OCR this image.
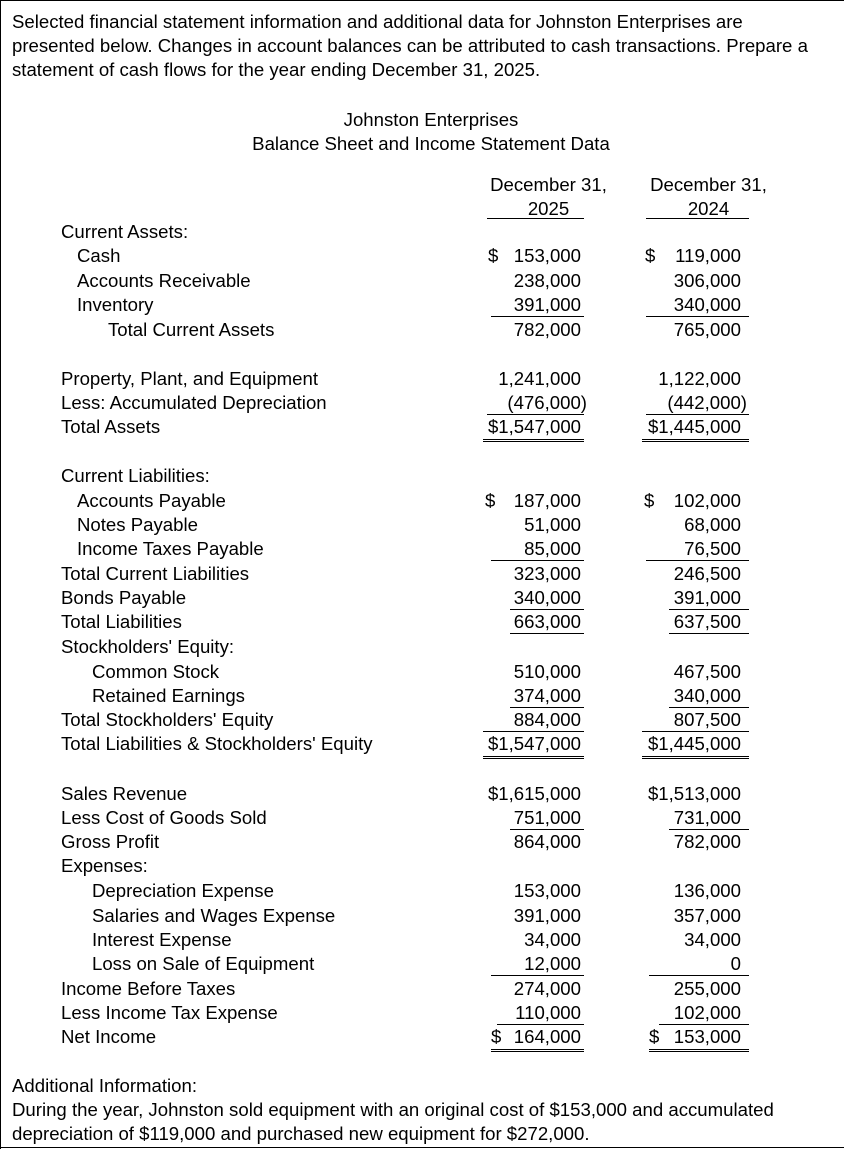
Selected financial statement information and additional data for Johnston Enterprises are
presented below. Changes in account balances can be attributed to cash transactions. Prepare a
statement of cash flows for the year ending December 31, 2025.
Johnston Enterprises
Balance Sheet and Income Statement Data
December 31,
2025
December 31,
2024
Current Assets:
Cash	$ 153,000	$	119,000
Accounts Receivable	238,000	306,000
Inventory	391,000	340,000
Total Current Assets	782,000	765,000
Property, Plant, and Equipment	1,241,000	1,122,000
Less: Accumulated Depreciation	(476,000)	(442,000)
Total Assets	$1,547,000	$1,445,000
Current Liabilities:
Accounts Payable	$ 187,000	$	102,000
Notes Payable	51,000	68,000
Income Taxes Payable	85,000	76,500
Total Current Liabilities	323,000	246,500
Bonds Payable	340,000	391,000
Total Liabilities	663,000	637,500
Stockholders' Equity:
Common Stock	510,000	467,500
Retained Earnings	374,000	340,000
Total Stockholders' Equity	884,000	807,500
Total Liabilities & Stockholders' Equity	$1,547,000	$1,445,000
Sales Revenue	$1,615,000	$1,513,000
Less Cost of Goods Sold	751,000	731,000
Gross Profit	864,000	782,000
Expenses:
Depreciation Expense	153,000	136,000
Salaries and Wages Expense	391,000	357,000
Interest Expense	34,000	34,000
Loss on Sale of Equipment	12,000	0
Income Before Taxes	274,000	255,000
Less Income Tax Expense	110,000	102,000
Net Income	$ 164,000	$ 153,000
Additional Information:
During the year, Johnston sold equipment with an original cost of $153,000 and accumulated depreciation of $119,000 and purchased new equipment for $272,000.
